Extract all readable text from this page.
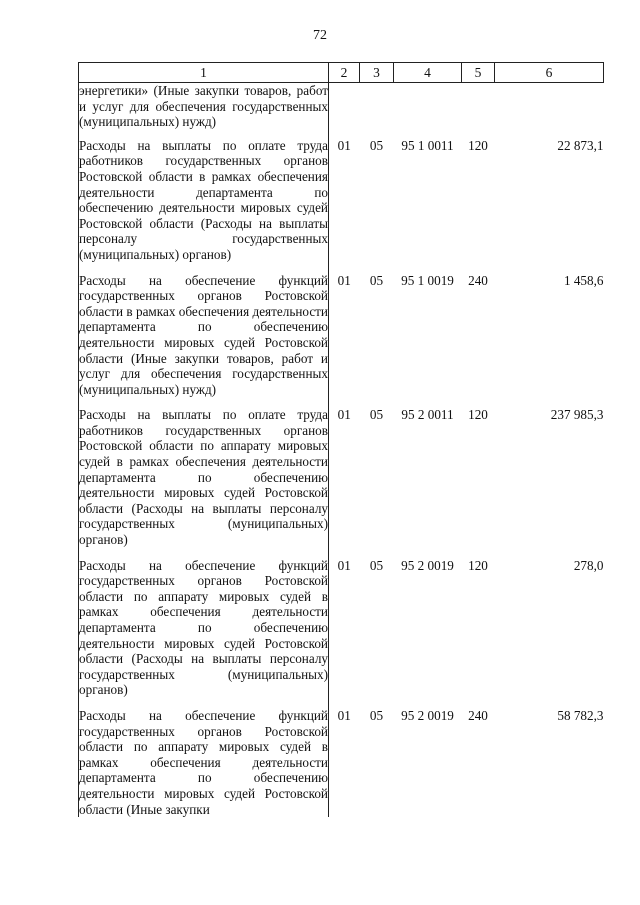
72
1	2	3	4	5	6
энергетики» (Иные закупки товаров, работ и услуг для обеспечения государственных (муниципальных) нужд)					
Расходы на выплаты по оплате труда работников государственных органов Ростовской области в рамках обеспечения деятельности департамента по обеспечению деятельности мировых судей Ростовской области (Расходы на выплаты персоналу государственных (муниципальных) органов)	01	05	95 1 0011	120	22 873,1
Расходы на обеспечение функций государственных органов Ростовской области в рамках обеспечения деятельности департамента по обеспечению деятельности мировых судей Ростовской области (Иные закупки товаров, работ и услуг для обеспечения государственных (муниципальных) нужд)	01	05	95 1 0019	240	1 458,6
Расходы на выплаты по оплате труда работников государственных органов Ростовской области по аппарату мировых судей в рамках обеспечения деятельности департамента по обеспечению деятельности мировых судей Ростовской области (Расходы на выплаты персоналу государственных (муниципальных) органов)	01	05	95 2 0011	120	237 985,3
Расходы на обеспечение функций государственных органов Ростовской области по аппарату мировых судей в рамках обеспечения деятельности департамента по обеспечению деятельности мировых судей Ростовской области (Расходы на выплаты персоналу государственных (муниципальных) органов)	01	05	95 2 0019	120	278,0
Расходы на обеспечение функций государственных органов Ростовской области по аппарату мировых судей в рамках обеспечения деятельности департамента по обеспечению деятельности мировых судей Ростовской области (Иные закупки	01	05	95 2 0019	240	58 782,3
